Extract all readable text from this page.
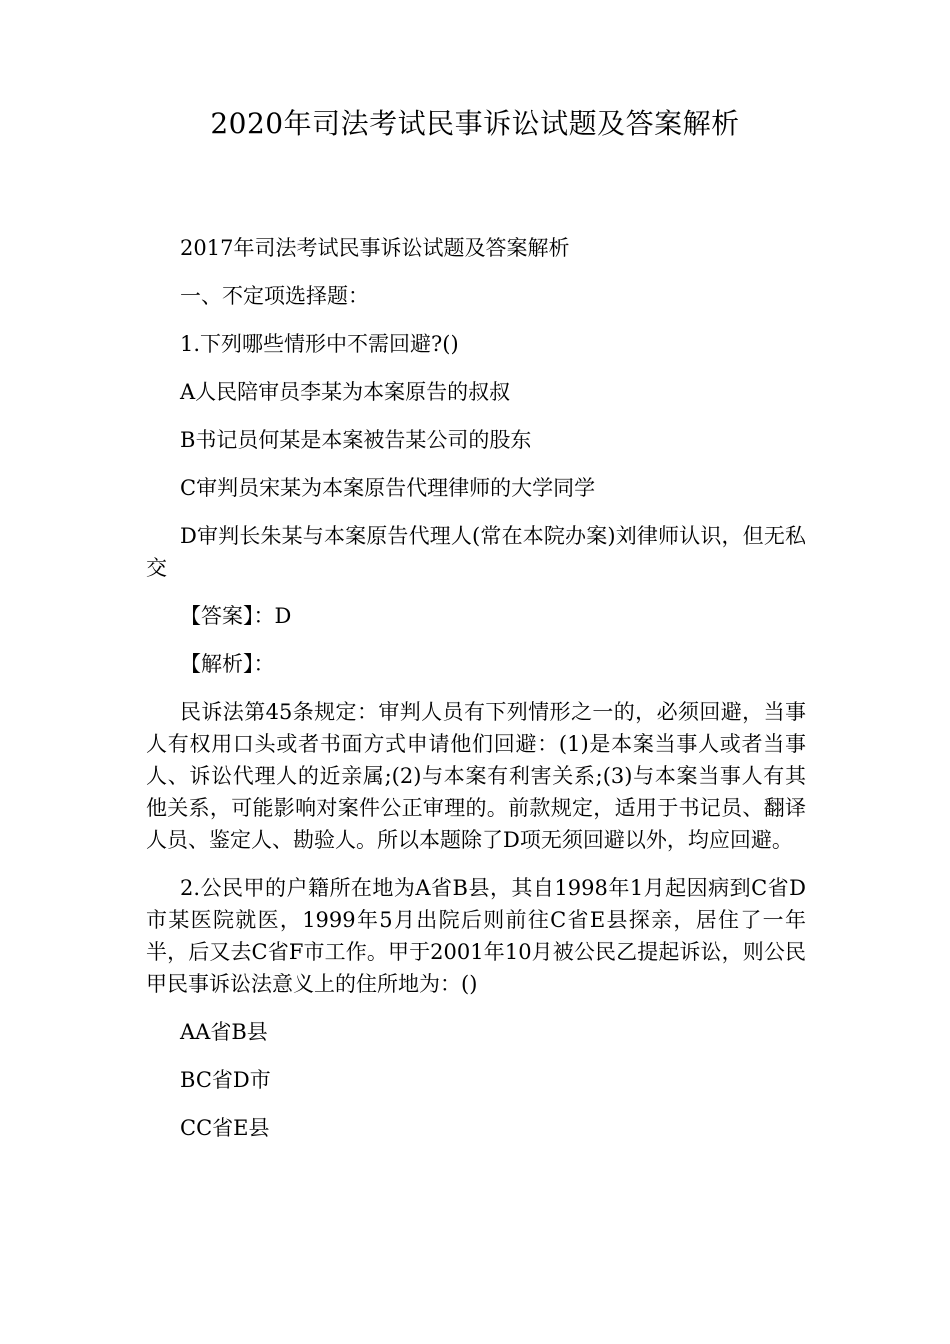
2020年司法考试民事诉讼试题及答案解析

2017年司法考试民事诉讼试题及答案解析

一、不定项选择题：

1.下列哪些情形中不需回避?()

A人民陪审员李某为本案原告的叔叔

B书记员何某是本案被告某公司的股东

C审判员宋某为本案原告代理律师的大学同学

D审判长朱某与本案原告代理人(常在本院办案)刘律师认识，但无私交

【答案】：D

【解析】：

民诉法第45条规定：审判人员有下列情形之一的，必须回避，当事人有权用口头或者书面方式申请他们回避：(1)是本案当事人或者当事人、诉讼代理人的近亲属;(2)与本案有利害关系;(3)与本案当事人有其他关系，可能影响对案件公正审理的。前款规定，适用于书记员、翻译人员、鉴定人、勘验人。所以本题除了D项无须回避以外，均应回避。

2.公民甲的户籍所在地为A省B县，其自1998年1月起因病到C省D市某医院就医，1999年5月出院后则前往C省E县探亲，居住了一年半，后又去C省F市工作。甲于2001年10月被公民乙提起诉讼，则公民甲民事诉讼法意义上的住所地为：()

AA省B县

BC省D市

CC省E县
